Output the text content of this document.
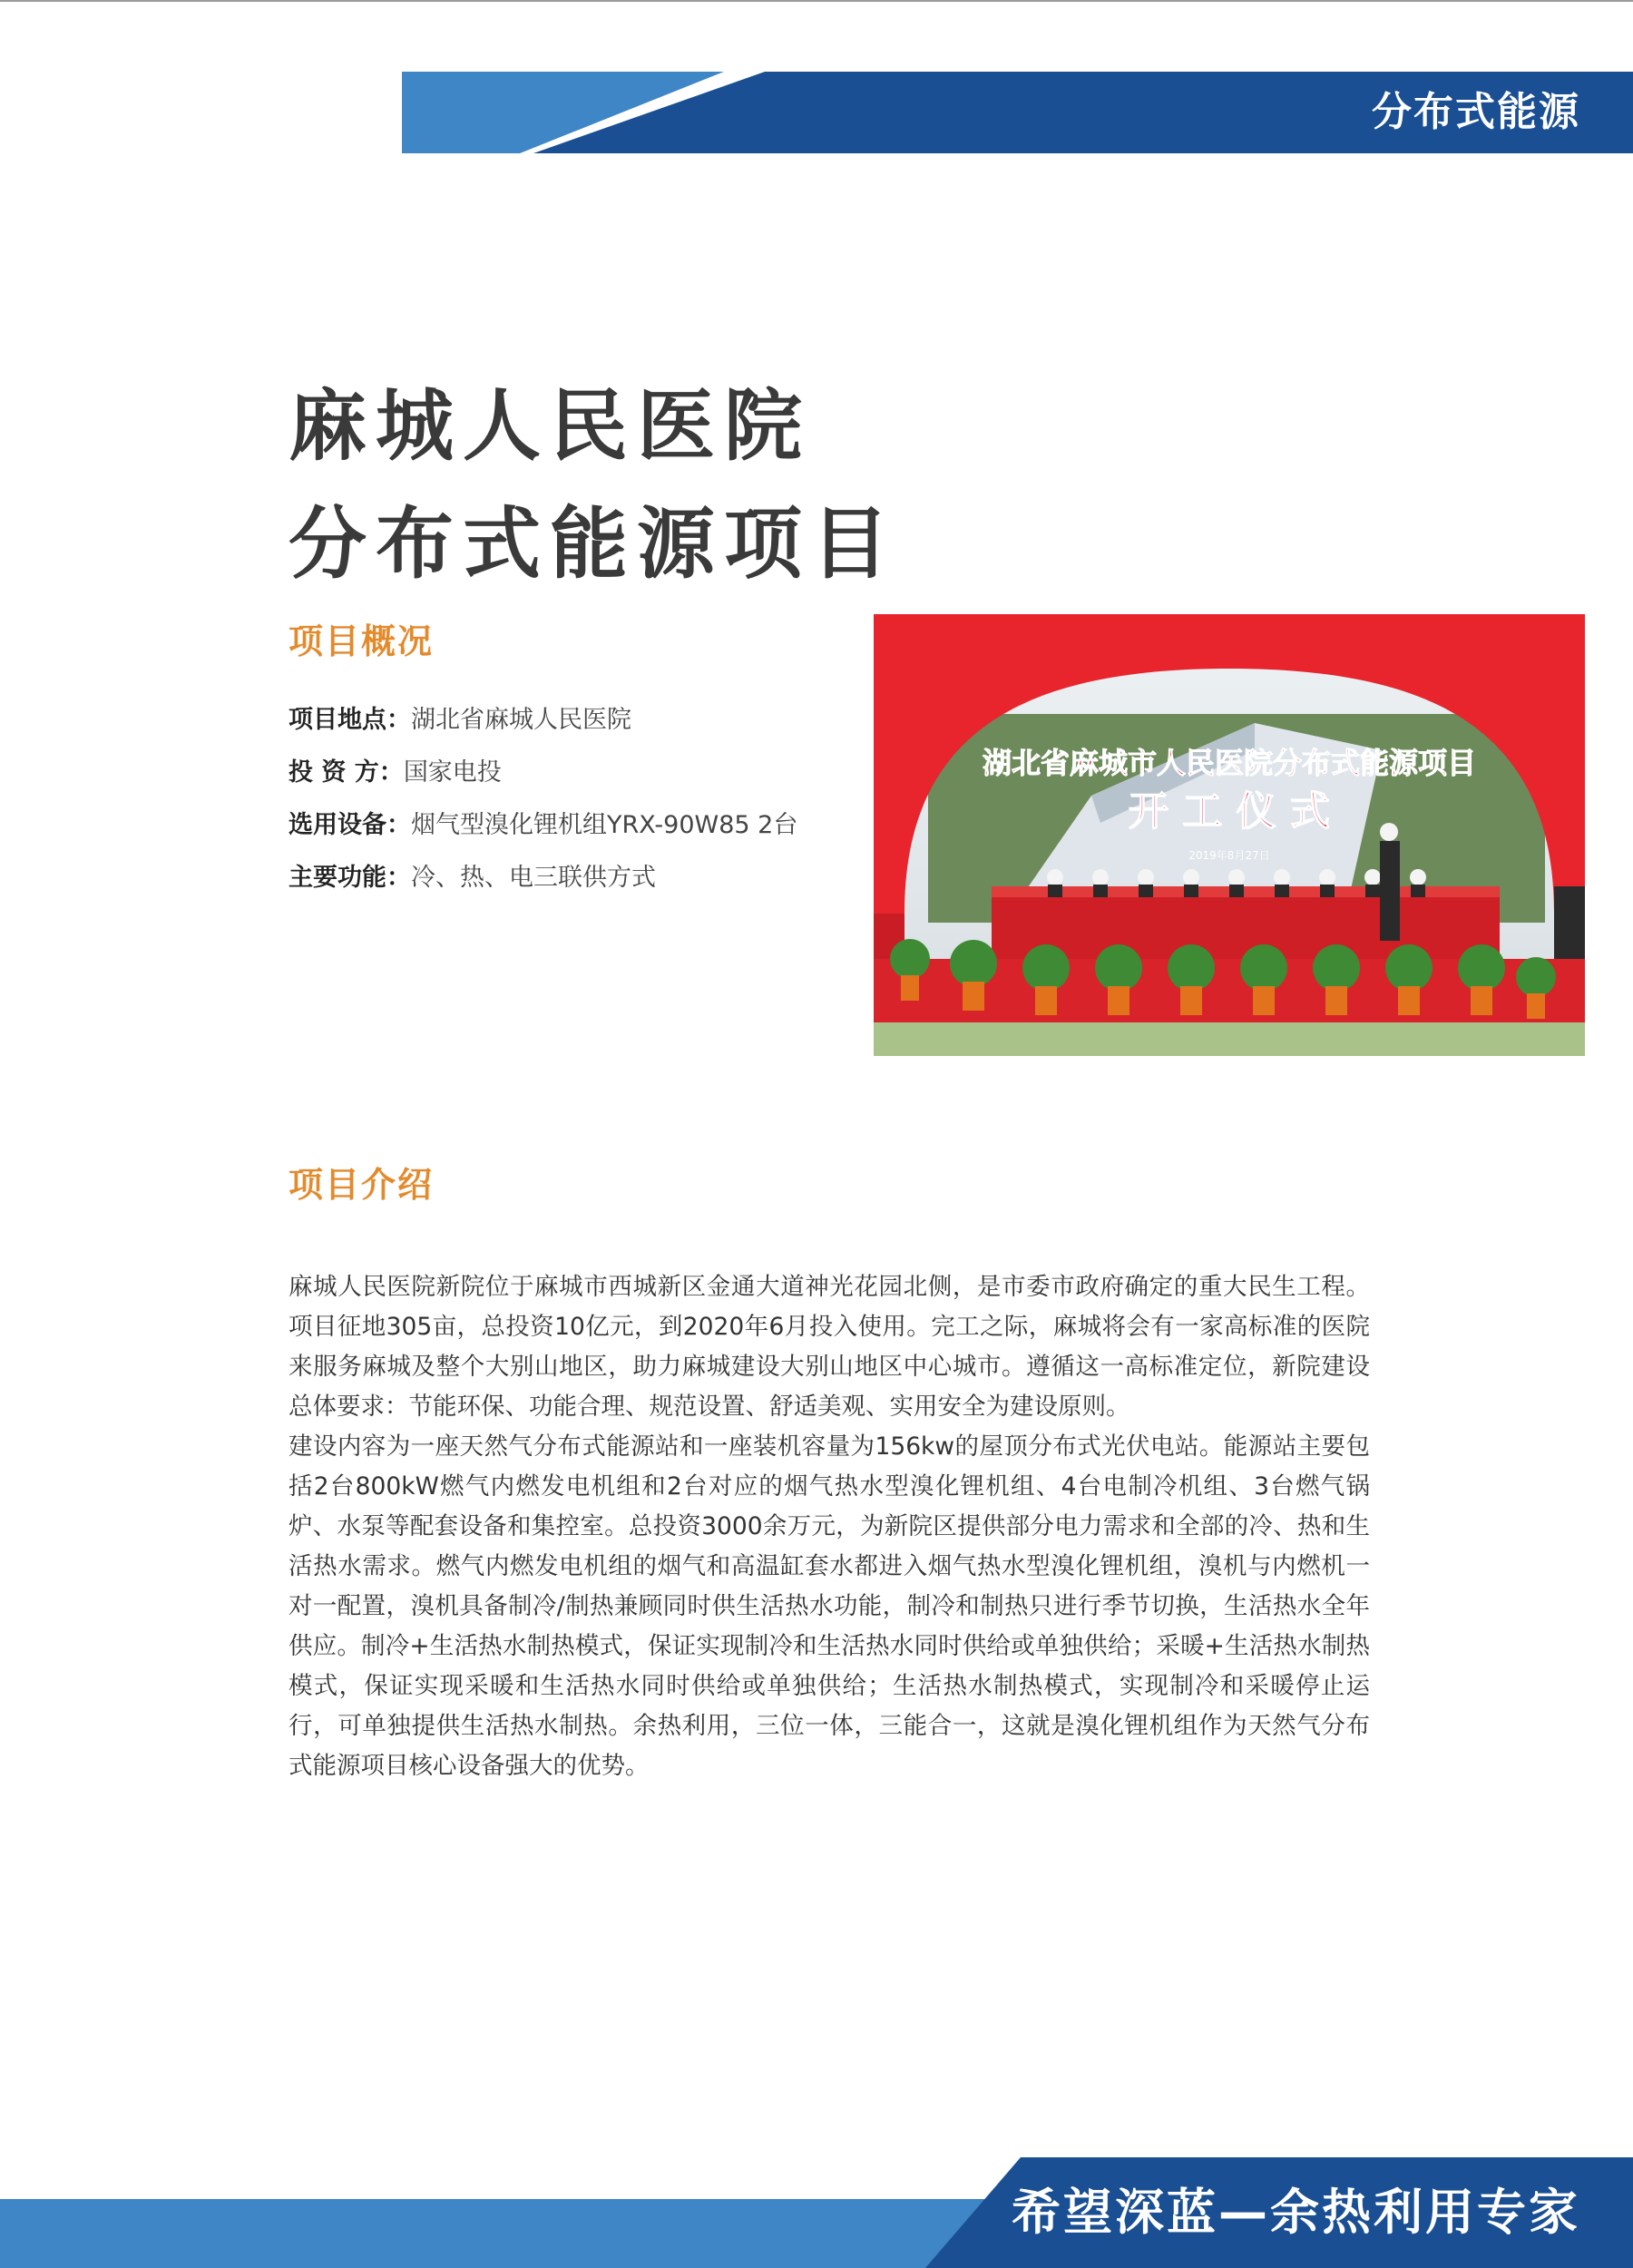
分布式能源
麻城人民医院
分布式能源项目
项目概况
项目地点：湖北省麻城人民医院
投 资 方：国家电投
选用设备：烟气型溴化锂机组YRX-90W85 2台
主要功能：冷、热、电三联供方式
湖北省麻城市人民医院分布式能源项目
开 工 仪 式
2019年8月27日
项目介绍

麻城人民医院新院位于麻城市西城新区金通大道神光花园北侧，是市委市政府确定的重大民生工程。项目征地305亩，总投资10亿元，到2020年6月投入使用。完工之际，麻城将会有一家高标准的医院来服务麻城及整个大别山地区，助力麻城建设大别山地区中心城市。遵循这一高标准定位，新院建设总体要求：节能环保、功能合理、规范设置、舒适美观、实用安全为建设原则。

建设内容为一座天然气分布式能源站和一座装机容量为156kw的屋顶分布式光伏电站。能源站主要包括2台800kW燃气内燃发电机组和2台对应的烟气热水型溴化锂机组、4台电制冷机组、3台燃气锅炉、水泵等配套设备和集控室。总投资3000余万元，为新院区提供部分电力需求和全部的冷、热和生活热水需求。燃气内燃发电机组的烟气和高温缸套水都进入烟气热水型溴化锂机组，溴机与内燃机一对一配置，溴机具备制冷/制热兼顾同时供生活热水功能，制冷和制热只进行季节切换，生活热水全年供应。制冷+生活热水制热模式，保证实现制冷和生活热水同时供给或单独供给；采暖+生活热水制热模式，保证实现采暖和生活热水同时供给或单独供给；生活热水制热模式，实现制冷和采暖停止运行，可单独提供生活热水制热。余热利用，三位一体，三能合一，这就是溴化锂机组作为天然气分布式能源项目核心设备强大的优势。

希望深蓝—余热利用专家
